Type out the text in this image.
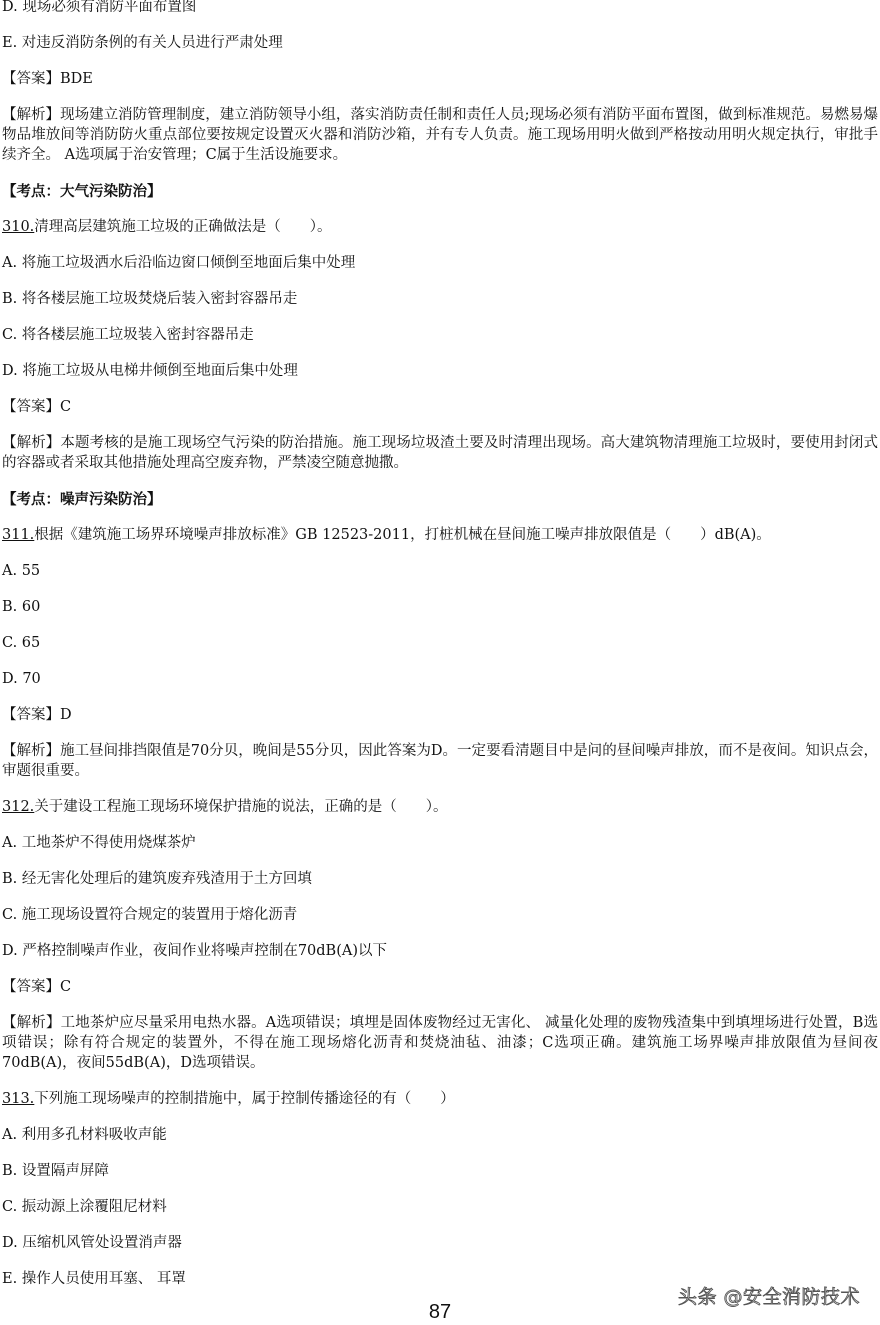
D. 现场必须有消防平面布置图
E. 对违反消防条例的有关人员进行严肃处理
【答案】BDE
【解析】现场建立消防管理制度，建立消防领导小组，落实消防责任制和责任人员;现场必须有消防平面布置图，做到标准规范。易燃易爆物品堆放间等消防防火重点部位要按规定设置灭火器和消防沙箱，并有专人负责。施工现场用明火做到严格按动用明火规定执行，审批手续齐全。 A选项属于治安管理；C属于生活设施要求。
【考点：大气污染防治】
310.清理高层建筑施工垃圾的正确做法是（　　）。
A. 将施工垃圾洒水后沿临边窗口倾倒至地面后集中处理
B. 将各楼层施工垃圾焚烧后装入密封容器吊走
C. 将各楼层施工垃圾装入密封容器吊走
D. 将施工垃圾从电梯井倾倒至地面后集中处理
【答案】C
【解析】本题考核的是施工现场空气污染的防治措施。施工现场垃圾渣土要及时清理出现场。高大建筑物清理施工垃圾时，要使用封闭式的容器或者采取其他措施处理高空废弃物，严禁凌空随意抛撒。
【考点：噪声污染防治】
311.根据《建筑施工场界环境噪声排放标准》GB 12523-2011，打桩机械在昼间施工噪声排放限值是（　　）dB(A)。
A. 55
B. 60
C. 65
D. 70
【答案】D
【解析】施工昼间排挡限值是70分贝，晚间是55分贝，因此答案为D。一定要看清题目中是问的昼间噪声排放，而不是夜间。知识点会，审题很重要。
312.关于建设工程施工现场环境保护措施的说法，正确的是（　　）。
A. 工地茶炉不得使用烧煤茶炉
B. 经无害化处理后的建筑废弃残渣用于土方回填
C. 施工现场设置符合规定的装置用于熔化沥青
D. 严格控制噪声作业，夜间作业将噪声控制在70dB(A)以下
【答案】C
【解析】工地茶炉应尽量采用电热水器。A选项错误；填埋是固体废物经过无害化、 减量化处理的废物残渣集中到填埋场进行处置，B选项错误；除有符合规定的装置外，不得在施工现场熔化沥青和焚烧油毡、油漆；C选项正确。建筑施工场界噪声排放限值为昼间夜70dB(A)，夜间55dB(A)，D选项错误。
313.下列施工现场噪声的控制措施中，属于控制传播途径的有（　　）
A. 利用多孔材料吸收声能
B. 设置隔声屏障
C. 振动源上涂覆阻尼材料
D. 压缩机风管处设置消声器
E. 操作人员使用耳塞、 耳罩
头条 @安全消防技术
87
